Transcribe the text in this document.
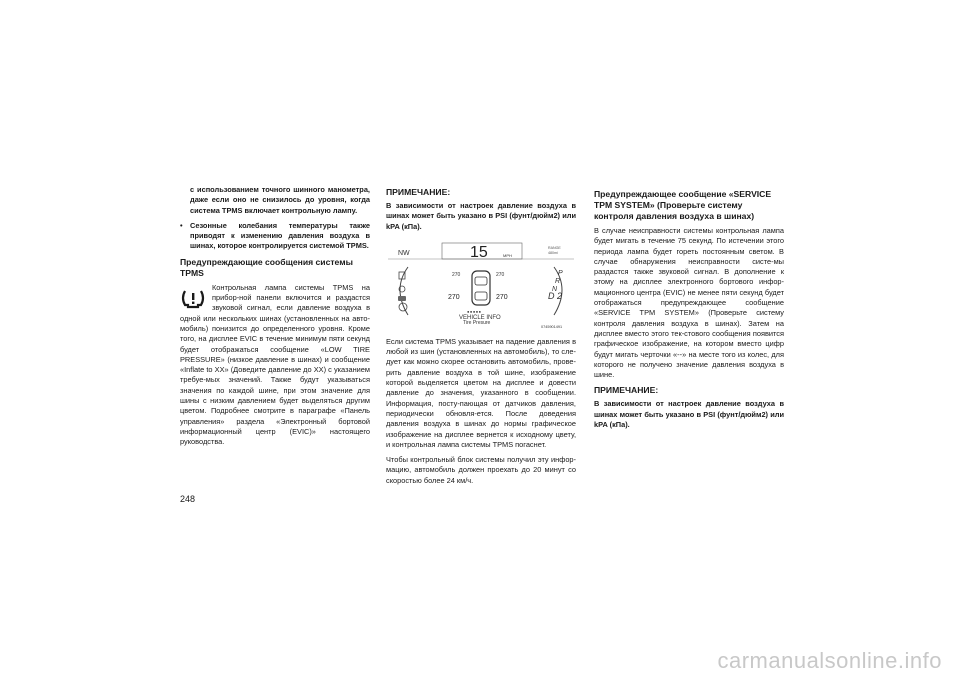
с использованием точного шинного манометра, даже если оно не снизилось до уровня, когда система TPMS включает контрольную лампу.

•	Сезонные колебания температуры также приводят к изменению давления воздуха в шинах, которое контролируется системой TPMS.
Предупреждающие сообщения системы TPMS

Контрольная лампа системы TPMS на прибор-ной панели включится и раздастся звуковой сигнал, если давление воздуха в одной или нескольких шинах (установленных на авто-мобиль) понизится до определенного уровня. Кроме того, на дисплее EVIC в течение минимум пяти секунд будет отображаться сообщение «LOW TIRE PRESSURE» (низкое давление в шинах) и сообщение «Inflate to XX» (Доведите давление до XX) с указанием требуе-мых значений. Также будут указываться значения по каждой шине, при этом значение для шины с низким давлением будет выделяться другим цветом. Подробнее смотрите в параграфе «Панель управления» раздела «Электронный бортовой информационный центр (EVIC)» настоящего руководства.

ПРИМЕЧАНИЕ:

В зависимости от настроек давление воздуха в шинах может быть указано в PSI (фунт/дюйм2) или kPA (кПа).

NW	15	MPH
RANGE
480mi
270	270
270	270
●●●●●
VEHICLE INFO
Tire Presure
P
R
N
D 2
0745901491

Если система TPMS указывает на падение давления в любой из шин (установленных на автомобиль), то сле-дует как можно скорее остановить автомобиль, прове-рить давление воздуха в той шине, изображение которой выделяется цветом на дисплее и довести давление до значения, указанного в сообщении. Информация, посту-пающая от датчиков давления, периодически обновля-ется. После доведения давления воздуха в шинах до нормы графическое изображение на дисплее вернется к исходному цвету, и контрольная лампа системы TPMS погаснет.

Чтобы контрольный блок системы получил эту инфор-мацию, автомобиль должен проехать до 20 минут со скоростью более 24 км/ч.

Предупреждающее сообщение «SERVICE TPM SYSTEM» (Проверьте систему контроля давления воздуха в шинах)

В случае неисправности системы контрольная лампа будет мигать в течение 75 секунд. По истечении этого периода лампа будет гореть постоянным светом. В случае обнаружения неисправности систе-мы раздастся также звуковой сигнал. В дополнение к этому на дисплее электронного бортового инфор-мационного центра (EVIC) не менее пяти секунд будет отображаться предупреждающее сообщение «SERVICE TPM SYSTEM» (Проверьте систему контроля давления воздуха в шинах). Затем на дисплее вместо этого тек-стового сообщения появится графическое изображение, на котором вместо цифр будут мигать черточки «--» на месте того из колес, для которого не получено значение давления воздуха в шине.

ПРИМЕЧАНИЕ:

В зависимости от настроек давление воздуха в шинах может быть указано в PSI (фунт/дюйм2) или kPA (кПа).

248
carmanualsonline.info
